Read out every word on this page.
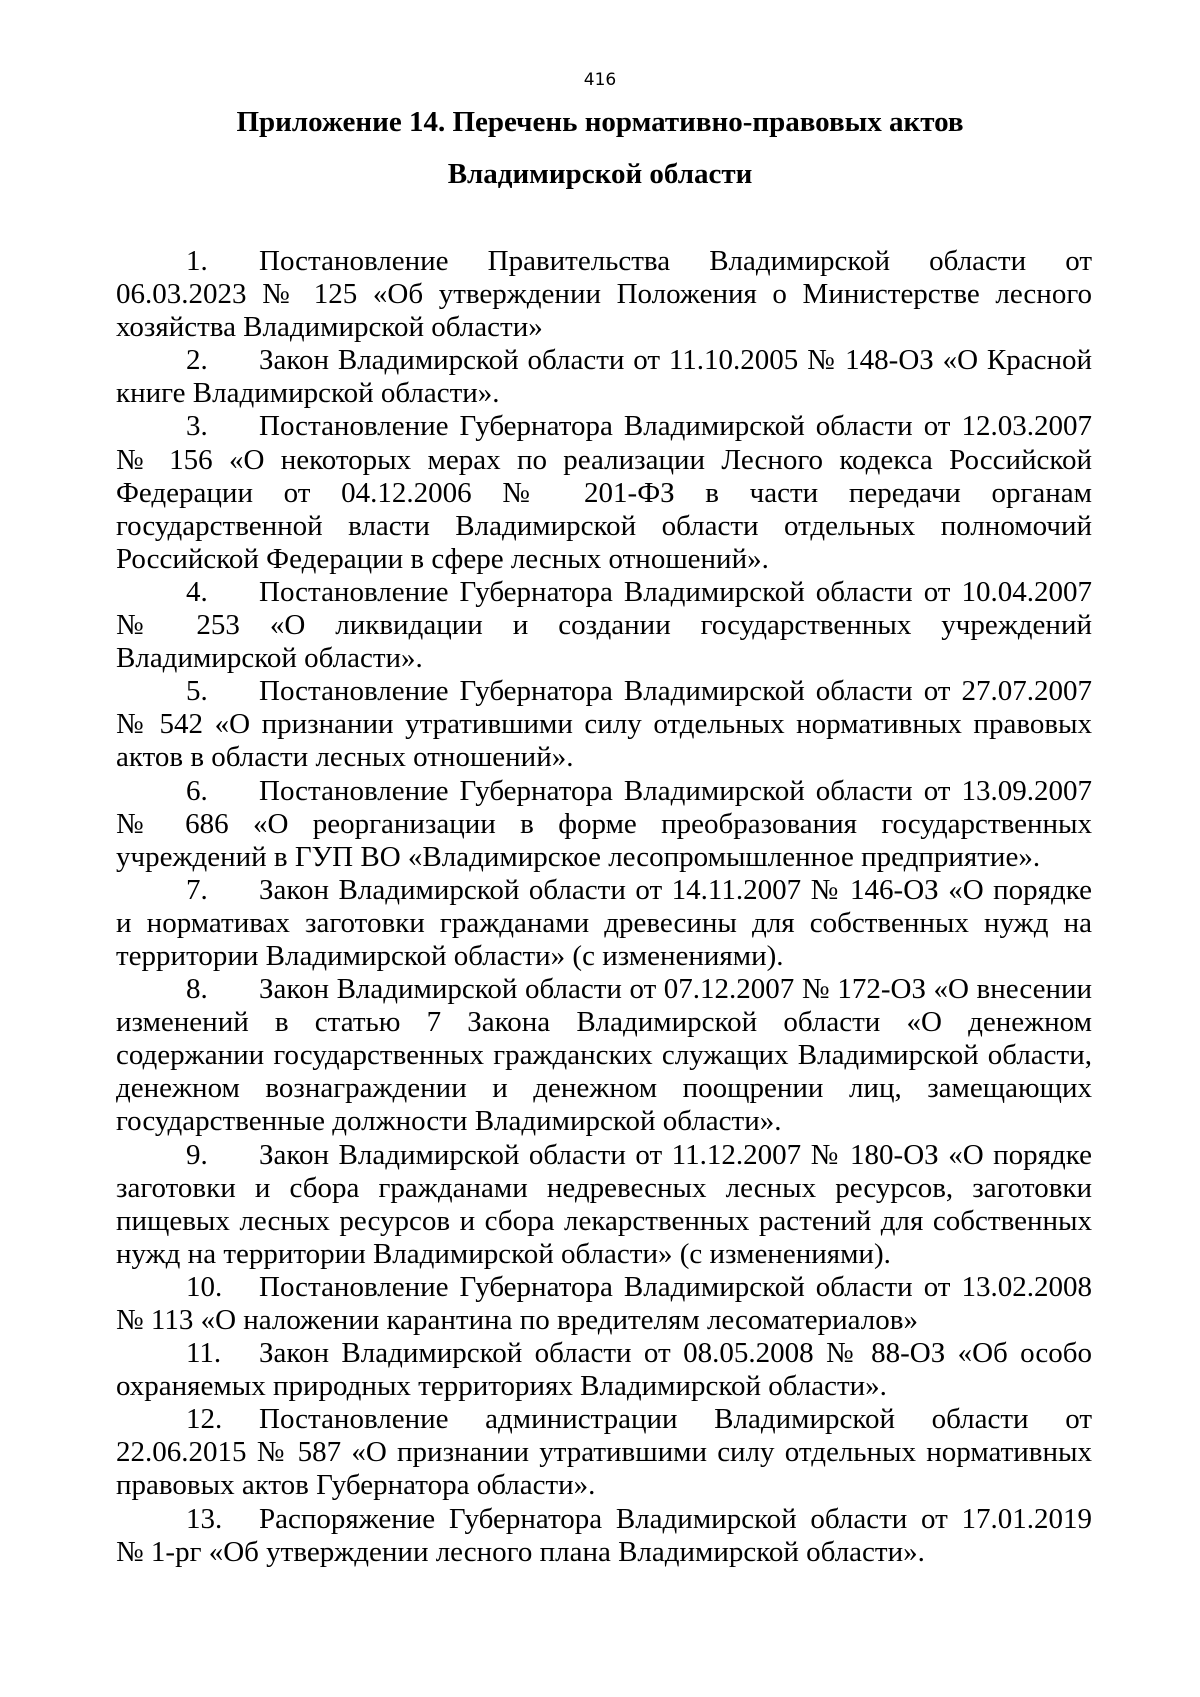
416
Приложение 14. Перечень нормативно-правовых актов
Владимирской области
1. Постановление Правительства Владимирской области от 06.03.2023 № 125 «Об утверждении Положения о Министерстве лесного хозяйства Владимирской области»
2. Закон Владимирской области от 11.10.2005 № 148-ОЗ «О Красной книге Владимирской области».
3. Постановление Губернатора Владимирской области от 12.03.2007 № 156 «О некоторых мерах по реализации Лесного кодекса Российской Федерации от 04.12.2006 № 201-ФЗ в части передачи органам государственной власти Владимирской области отдельных полномочий Российской Федерации в сфере лесных отношений».
4. Постановление Губернатора Владимирской области от 10.04.2007 № 253 «О ликвидации и создании государственных учреждений Владимирской области».
5. Постановление Губернатора Владимирской области от 27.07.2007 № 542 «О признании утратившими силу отдельных нормативных правовых актов в области лесных отношений».
6. Постановление Губернатора Владимирской области от 13.09.2007 № 686 «О реорганизации в форме преобразования государственных учреждений в ГУП ВО «Владимирское лесопромышленное предприятие».
7. Закон Владимирской области от 14.11.2007 № 146-ОЗ «О порядке и нормативах заготовки гражданами древесины для собственных нужд на территории Владимирской области» (с изменениями).
8. Закон Владимирской области от 07.12.2007 № 172-ОЗ «О внесении изменений в статью 7 Закона Владимирской области «О денежном содержании государственных гражданских служащих Владимирской области, денежном вознаграждении и денежном поощрении лиц, замещающих государственные должности Владимирской области».
9. Закон Владимирской области от 11.12.2007 № 180-ОЗ «О порядке заготовки и сбора гражданами недревесных лесных ресурсов, заготовки пищевых лесных ресурсов и сбора лекарственных растений для собственных нужд на территории Владимирской области» (с изменениями).
10. Постановление Губернатора Владимирской области от 13.02.2008 № 113 «О наложении карантина по вредителям лесоматериалов»
11. Закон Владимирской области от 08.05.2008 № 88-ОЗ «Об особо охраняемых природных территориях Владимирской области».
12. Постановление администрации Владимирской области от 22.06.2015 № 587 «О признании утратившими силу отдельных нормативных правовых актов Губернатора области».
13. Распоряжение Губернатора Владимирской области от 17.01.2019 № 1-рг «Об утверждении лесного плана Владимирской области».
